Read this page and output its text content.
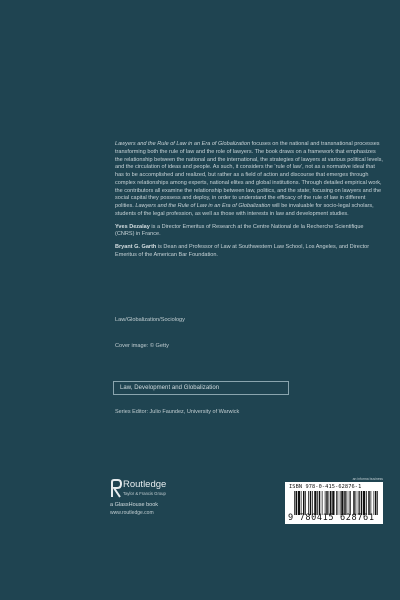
Lawyers and the Rule of Law in an Era of Globalization focuses on the national and transnational processes transforming both the rule of law and the role of lawyers. The book draws on a framework that emphasizes the relationship between the national and the international, the strategies of lawyers at various political levels, and the circulation of ideas and people. As such, it considers the ‘rule of law’, not as a normative ideal that has to be accomplished and realized, but rather as a field of action and discourse that emerges through complex relationships among experts, national elites and global institutions. Through detailed empirical work, the contributors all examine the relationship between law, politics, and the state; focusing on lawyers and the social capital they possess and deploy, in order to understand the efficacy of the rule of law in different polities. Lawyers and the Rule of Law in an Era of Globalization will be invaluable for socio-legal scholars, students of the legal profession, as well as those with interests in law and development studies.

Yves Dezalay is a Director Emeritus of Research at the Centre National de la Recherche Scientifique (CNRS) in France.

Bryant G. Garth is Dean and Professor of Law at Southwestern Law School, Los Angeles, and Director Emeritus of the American Bar Foundation.

Law/Globalization/Sociology
Cover image: © Getty
Law, Development and Globalization
Series Editor: Julio Faundez, University of Warwick
Routledge
Taylor & Francis Group
a GlassHouse book
www.routledge.com
an informa business
ISBN 978-0-415-62876-1
9 780415 628761
